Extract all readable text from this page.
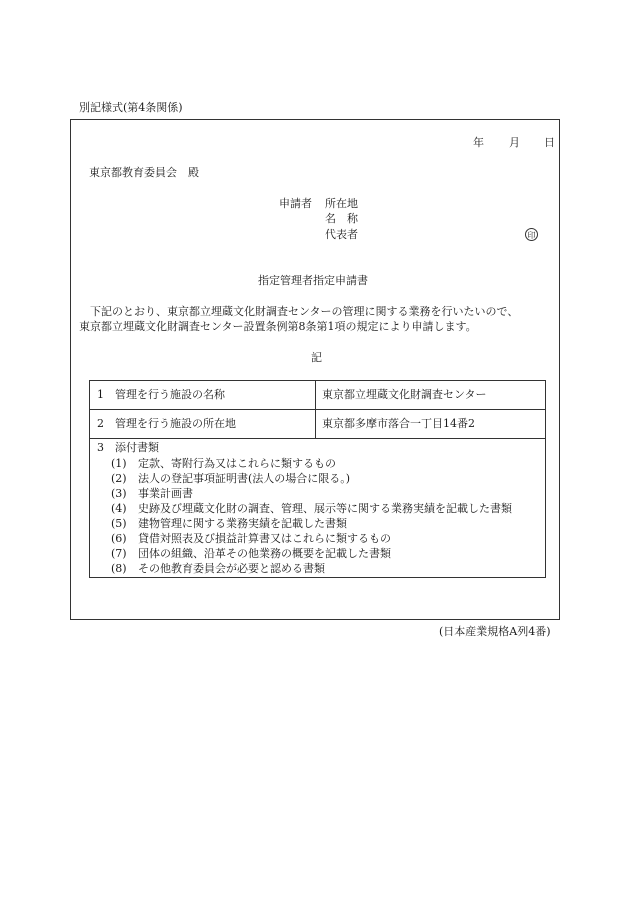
別記様式(第4条関係)
年 月 日
東京都教育委員会　殿
申請者 所在地
名　称
代表者	印
指定管理者指定申請書
下記のとおり、東京都立埋蔵文化財調査センターの管理に関する業務を行いたいので、
東京都立埋蔵文化財調査センター設置条例第8条第1項の規定により申請します。
記
1 管理を行う施設の名称	東京都立埋蔵文化財調査センター
2 管理を行う施設の所在地	東京都多摩市落合一丁目14番2
3 添付書類
(1)	定款、寄附行為又はこれらに類するもの
(2)	法人の登記事項証明書(法人の場合に限る。)
(3)	事業計画書
(4)	史跡及び埋蔵文化財の調査、管理、展示等に関する業務実績を記載した書類
(5)	建物管理に関する業務実績を記載した書類
(6)	貸借対照表及び損益計算書又はこれらに類するもの
(7)	団体の組織、沿革その他業務の概要を記載した書類
(8)	その他教育委員会が必要と認める書類
(日本産業規格A列4番)
